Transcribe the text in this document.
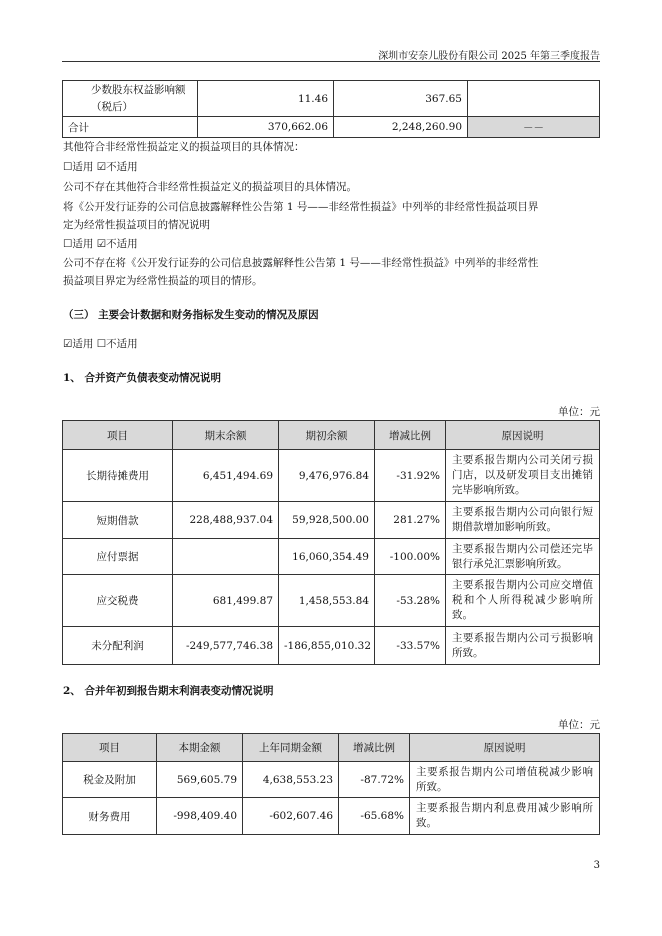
深圳市安奈儿股份有限公司 2025 年第三季度报告
少数股东权益影响额（税后）	11.46	367.65	
合计	370,662.06	2,248,260.90	－－
其他符合非经常性损益定义的损益项目的具体情况：
☐适用 ☑不适用
公司不存在其他符合非经常性损益定义的损益项目的具体情况。
将《公开发行证券的公司信息披露解释性公告第 1 号——非经常性损益》中列举的非经常性损益项目界
定为经常性损益项目的情况说明
☐适用 ☑不适用
公司不存在将《公开发行证券的公司信息披露解释性公告第 1 号——非经常性损益》中列举的非经常性
损益项目界定为经常性损益的项目的情形。
（三） 主要会计数据和财务指标发生变动的情况及原因
☑适用 ☐不适用
1、 合并资产负债表变动情况说明
单位：元
项目	期末余额	期初余额	增减比例	原因说明
长期待摊费用	6,451,494.69	9,476,976.84	-31.92%	主要系报告期内公司关闭亏损门店，以及研发项目支出摊销完毕影响所致。
短期借款	228,488,937.04	59,928,500.00	281.27%	主要系报告期内公司向银行短期借款增加影响所致。
应付票据		16,060,354.49	-100.00%	主要系报告期内公司偿还完毕银行承兑汇票影响所致。
应交税费	681,499.87	1,458,553.84	-53.28%	主要系报告期内公司应交增值税和个人所得税减少影响所致。
未分配利润	-249,577,746.38	-186,855,010.32	-33.57%	主要系报告期内公司亏损影响所致。
2、 合并年初到报告期末利润表变动情况说明
单位：元
项目	本期金额	上年同期金额	增减比例	原因说明
税金及附加	569,605.79	4,638,553.23	-87.72%	主要系报告期内公司增值税减少影响所致。
财务费用	-998,409.40	-602,607.46	-65.68%	主要系报告期内利息费用减少影响所致。
3
